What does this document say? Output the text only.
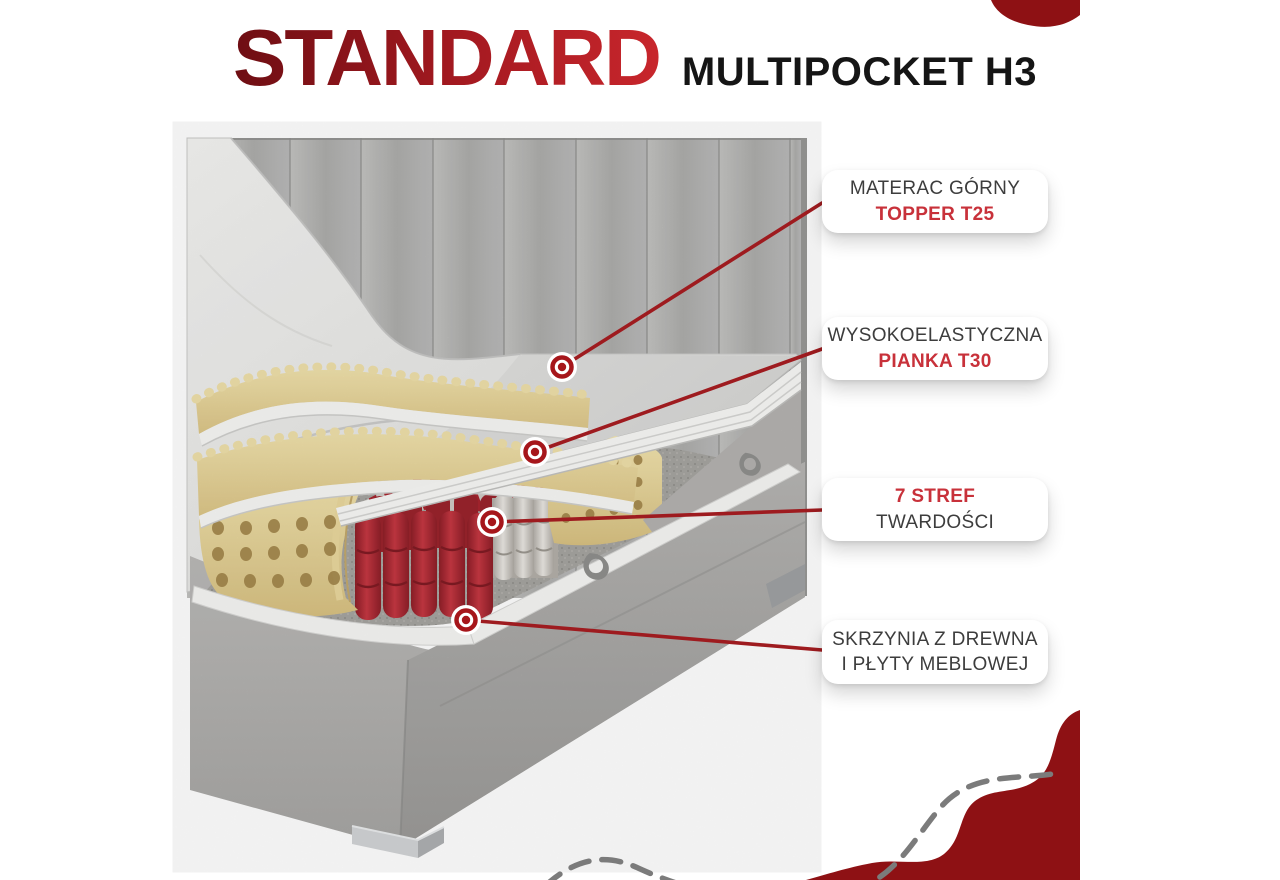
STANDARD MULTIPOCKET H3
MATERAC GÓRNY
TOPPER T25
WYSOKOELASTYCZNA
PIANKA T30
7 STREF
TWARDOŚCI
SKRZYNIA Z DREWNA
I PŁYTY MEBLOWEJ
